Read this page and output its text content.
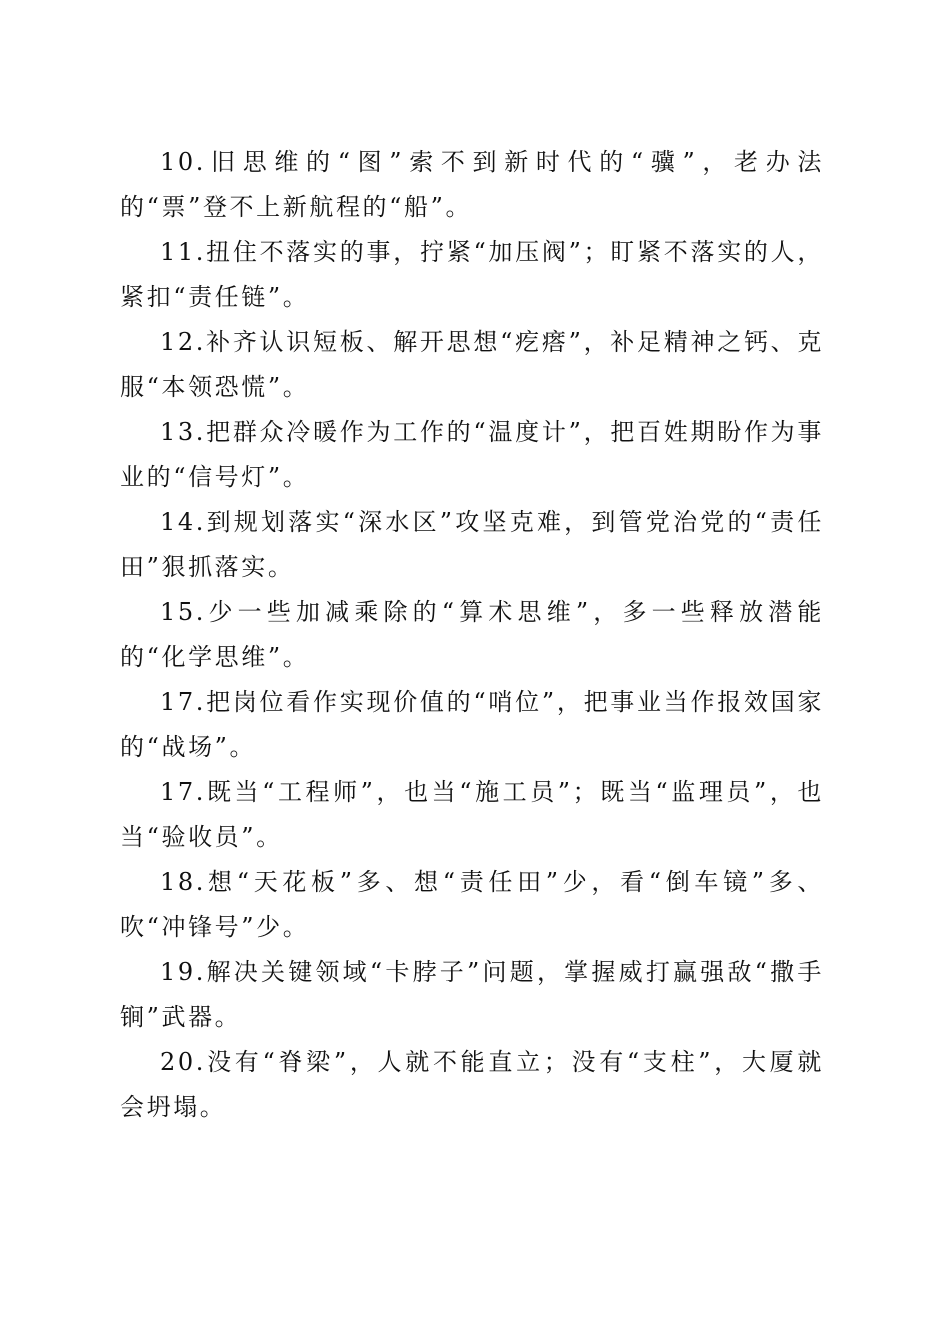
10.旧思维的“图”索不到新时代的“骥”，老办法的“票”登不上新航程的“船”。

11.扭住不落实的事，拧紧“加压阀”；盯紧不落实的人，紧扣“责任链”。

12.补齐认识短板、解开思想“疙瘩”，补足精神之钙、克服“本领恐慌”。

13.把群众冷暖作为工作的“温度计”，把百姓期盼作为事业的“信号灯”。

14.到规划落实“深水区”攻坚克难，到管党治党的“责任田”狠抓落实。

15.少一些加减乘除的“算术思维”，多一些释放潜能的“化学思维”。

17.把岗位看作实现价值的“哨位”，把事业当作报效国家的“战场”。

17.既当“工程师”，也当“施工员”；既当“监理员”，也当“验收员”。

18.想“天花板”多、想“责任田”少，看“倒车镜”多、吹“冲锋号”少。

19.解决关键领域“卡脖子”问题，掌握威打赢强敌“撒手锏”武器。

20.没有“脊梁”，人就不能直立；没有“支柱”，大厦就会坍塌。
